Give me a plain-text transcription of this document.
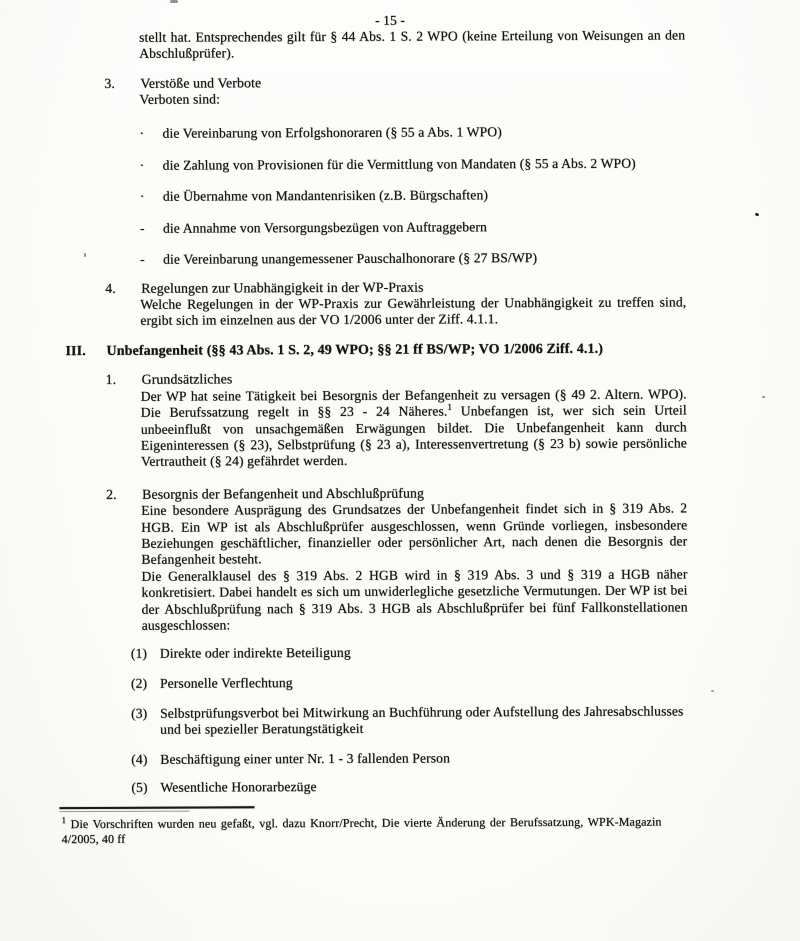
- 15 -

stellt hat. Entsprechendes gilt für § 44 Abs. 1 S. 2 WPO (keine Erteilung von Weisungen an den Abschlußprüfer).

3.	Verstöße und Verbote

Verboten sind:

·	die Vereinbarung von Erfolgshonoraren (§ 55 a Abs. 1 WPO)
·	die Zahlung von Provisionen für die Vermittlung von Mandaten (§ 55 a Abs. 2 WPO)
·	die Übernahme von Mandantenrisiken (z.B. Bürgschaften)
-	die Annahme von Versorgungsbezügen von Auftraggebern
-	die Vereinbarung unangemessener Pauschalhonorare (§ 27 BS/WP)
4.	Regelungen zur Unabhängigkeit in der WP-Praxis

Welche Regelungen in der WP-Praxis zur Gewährleistung der Unabhängigkeit zu treffen sind, ergibt sich im einzelnen aus der VO 1/2006 unter der Ziff. 4.1.1.

III.	Unbefangenheit (§§ 43 Abs. 1 S. 2, 49 WPO; §§ 21 ff BS/WP; VO 1/2006 Ziff. 4.1.)
1.	Grundsätzliches

Der WP hat seine Tätigkeit bei Besorgnis der Befangenheit zu versagen (§ 49 2. Altern. WPO). Die Berufssatzung regelt in §§ 23 - 24 Näheres.$^1$ Unbefangen ist, wer sich sein Urteil unbeeinflußt von unsachgemäßen Erwägungen bildet. Die Unbefangenheit kann durch Eigeninteressen (§ 23), Selbstprüfung (§ 23 a), Interessenvertretung (§ 23 b) sowie persönliche Vertrautheit (§ 24) gefährdet werden.

2.	Besorgnis der Befangenheit und Abschlußprüfung

Eine besondere Ausprägung des Grundsatzes der Unbefangenheit findet sich in § 319 Abs. 2 HGB. Ein WP ist als Abschlußprüfer ausgeschlossen, wenn Gründe vorliegen, insbesondere Beziehungen geschäftlicher, finanzieller oder persönlicher Art, nach denen die Besorgnis der Befangenheit besteht.

Die Generalklausel des § 319 Abs. 2 HGB wird in § 319 Abs. 3 und § 319 a HGB näher konkretisiert. Dabei handelt es sich um unwiderlegliche gesetzliche Vermutungen. Der WP ist bei der Abschlußprüfung nach § 319 Abs. 3 HGB als Abschlußprüfer bei fünf Fallkonstellationen ausgeschlossen:

(1) Direkte oder indirekte Beteiligung
(2) Personelle Verflechtung
(3) Selbstprüfungsverbot bei Mitwirkung an Buchführung oder Aufstellung des Jahresabschlusses und bei spezieller Beratungstätigkeit
(4) Beschäftigung einer unter Nr. 1 - 3 fallenden Person
(5) Wesentliche Honorarbezüge
$^1$ Die Vorschriften wurden neu gefaßt, vgl. dazu Knorr/Precht, Die vierte Änderung der Berufssatzung, WPK-Magazin 4/2005, 40 ff
